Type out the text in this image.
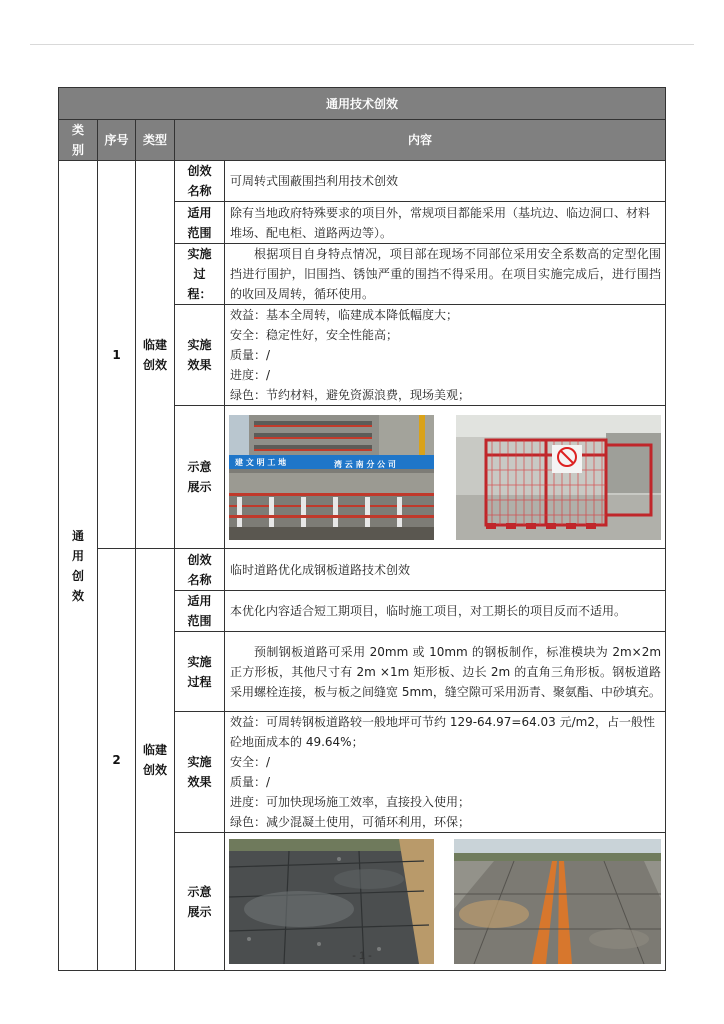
通用技术创效				

类别	序号	类型	内容	

通
用
创
效	1	临建创效	创效名称	可周转式围蔽围挡利用技术创效

			适用范围	除有当地政府特殊要求的项目外，常规项目都能采用（基坑边、临边洞口、材料堆场、配电柜、道路两边等）。

			实施过程：	根据项目自身特点情况，项目部在现场不同部位采用安全系数高的定型化围挡进行围护，旧围挡、锈蚀严重的围挡不得采用。在项目实施完成后，进行围挡的收回及周转，循环使用。

			实施效果	效益：基本全周转，临建成本降低幅度大；

安全：稳定性好，安全性能高；

质量：/

进度：/

绿色：节约材料，避免资源浪费，现场美观；

			示意展示	建 文 明 工 地 湾 云 南 分 公 司

	2	临建创效	创效名称	临时道路优化成钢板道路技术创效

			适用范围	本优化内容适合短工期项目，临时施工项目，对工期长的项目反而不适用。

			实施过程	预制钢板道路可采用 20mm 或 10mm 的钢板制作，标准模块为 2m×2m 正方形板，其他尺寸有 2m ×1m 矩形板、边长 2m 的直角三角形板。钢板道路采用螺栓连接，板与板之间缝宽 5mm，缝空隙可采用沥青、聚氨酯、中砂填充。

			实施效果	效益：可周转钢板道路较一般地坪可节约 129-64.97=64.03 元/m2，占一般性砼地面成本的 49.64%；

安全：/

质量：/

进度：可加快现场施工效率，直接投入使用；

绿色：减少混凝土使用，可循环利用，环保；

			示意展示

- 1 -
